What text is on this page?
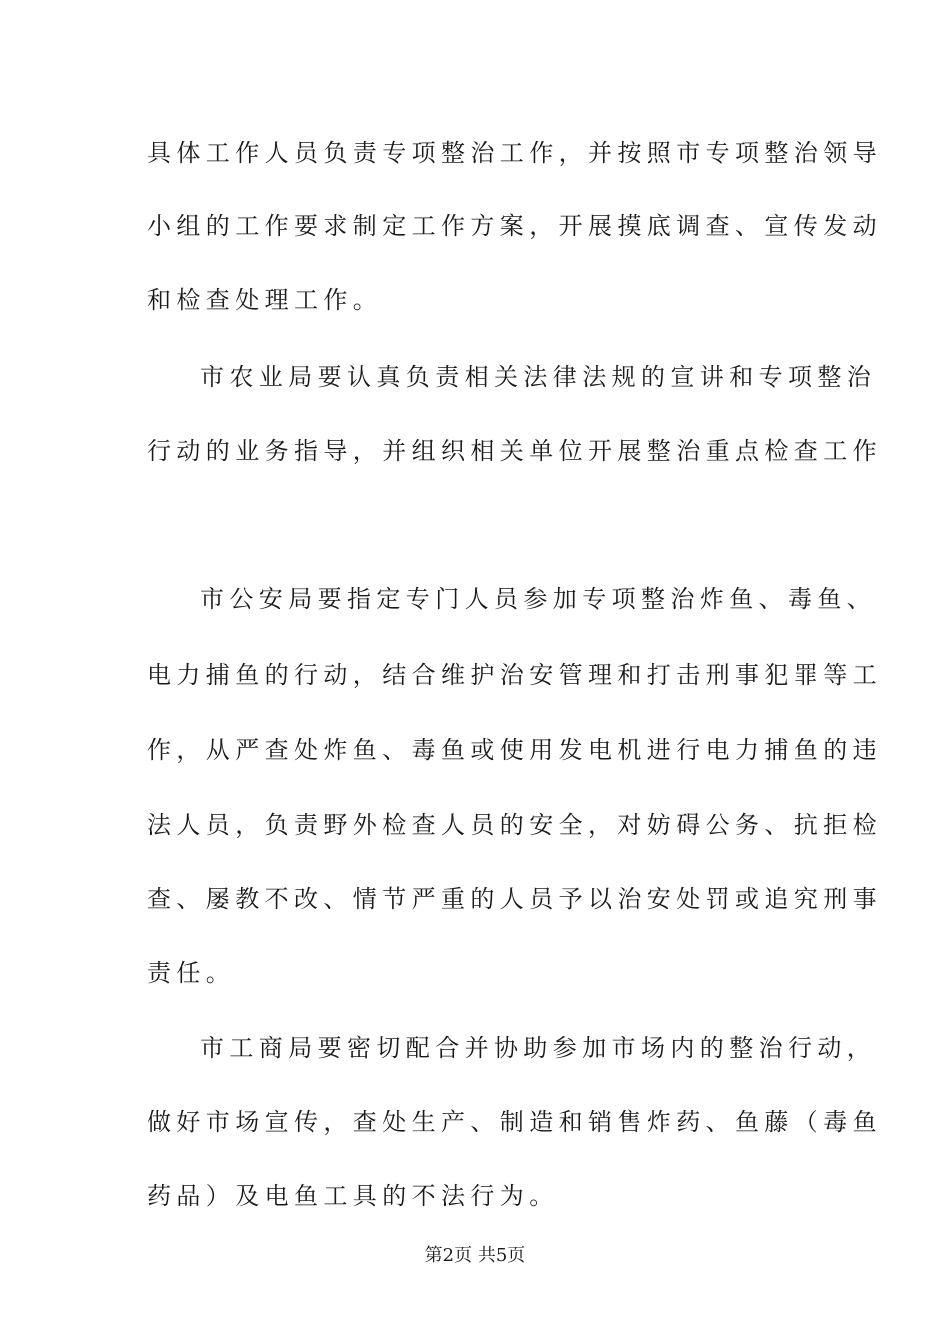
具体工作人员负责专项整治工作，并按照市专项整治领导
小组的工作要求制定工作方案，开展摸底调查、宣传发动
和检查处理工作。
市农业局要认真负责相关法律法规的宣讲和专项整治
行动的业务指导，并组织相关单位开展整治重点检查工作
市公安局要指定专门人员参加专项整治炸鱼、毒鱼、
电力捕鱼的行动，结合维护治安管理和打击刑事犯罪等工
作，从严查处炸鱼、毒鱼或使用发电机进行电力捕鱼的违
法人员，负责野外检查人员的安全，对妨碍公务、抗拒检
查、屡教不改、情节严重的人员予以治安处罚或追究刑事
责任。
市工商局要密切配合并协助参加市场内的整治行动，
做好市场宣传，查处生产、制造和销售炸药、鱼藤（毒鱼
药品）及电鱼工具的不法行为。
第2页 共5页
